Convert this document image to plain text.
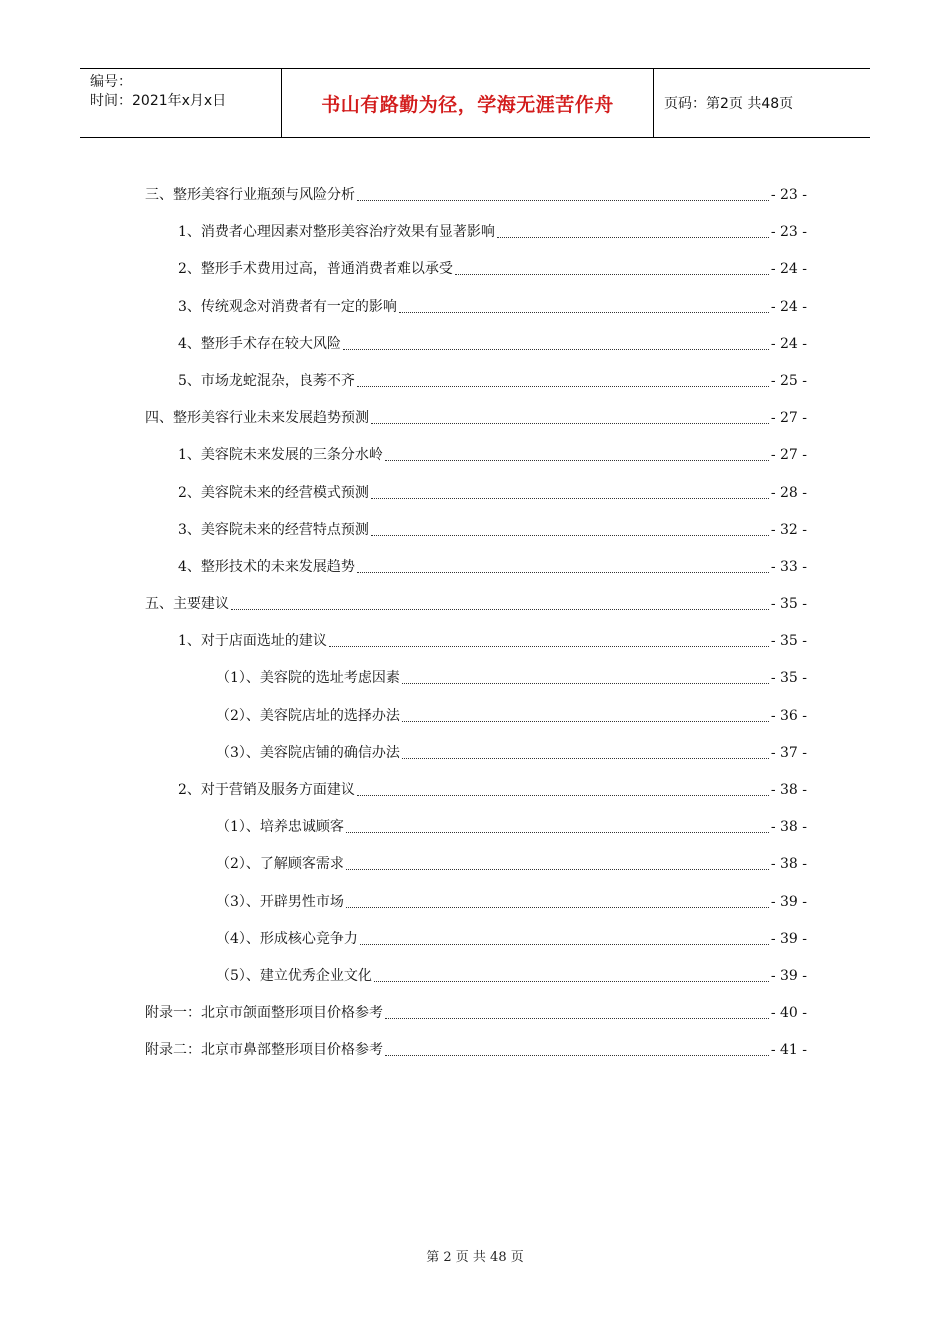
编号：
时间：2021年x月x日	书山有路勤为径，学海无涯苦作舟	页码：第2页 共48页
三、整形美容行业瓶颈与风险分析	- 23 -
1、消费者心理因素对整形美容治疗效果有显著影响	- 23 -
2、整形手术费用过高，普通消费者难以承受	- 24 -
3、传统观念对消费者有一定的影响	- 24 -
4、整形手术存在较大风险	- 24 -
5、市场龙蛇混杂，良莠不齐	- 25 -
四、整形美容行业未来发展趋势预测	- 27 -
1、美容院未来发展的三条分水岭	- 27 -
2、美容院未来的经营模式预测	- 28 -
3、美容院未来的经营特点预测	- 32 -
4、整形技术的未来发展趋势	- 33 -
五、主要建议	- 35 -
1、对于店面选址的建议	- 35 -
（1）、美容院的选址考虑因素	- 35 -
（2）、美容院店址的选择办法	- 36 -
（3）、美容院店铺的确信办法	- 37 -
2、对于营销及服务方面建议	- 38 -
（1）、培养忠诚顾客	- 38 -
（2）、了解顾客需求	- 38 -
（3）、开辟男性市场	- 39 -
（4）、形成核心竞争力	- 39 -
（5）、建立优秀企业文化	- 39 -
附录一：北京市颌面整形项目价格参考	- 40 -
附录二：北京市鼻部整形项目价格参考	- 41 -
第 2 页 共 48 页
